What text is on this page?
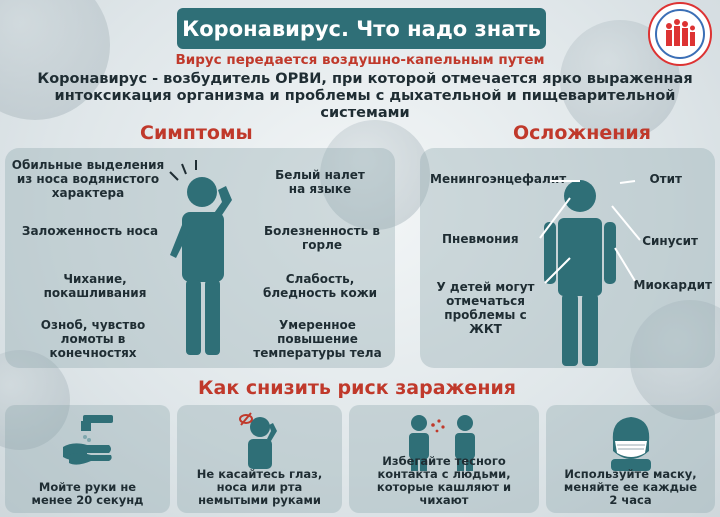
Коронавирус. Что надо знать
Вирус передается воздушно-капельным путем
Коронавирус - возбудитель ОРВИ, при которой отмечается ярко выраженная интоксикация организма и проблемы с дыхательной и пищеварительной системами
Симптомы
Обильные выделения из носа водянистого характера
Заложенность носа
Чихание, покашливания
Озноб, чувство ломоты в конечностях
Белый налет на языке
Болезненность в горле
Слабость, бледность кожи
Умеренное повышение температуры тела
Осложнения
Менингоэнцефалит
Пневмония
У детей могут отмечаться проблемы с ЖКТ
Отит
Синусит
Миокардит
Как снизить риск заражения
Мойте руки не менее 20 секунд
Не касайтесь глаз, носа или рта немытыми руками
Избегайте тесного контакта с людьми, которые кашляют и чихают
Используйте маску, меняйте ее каждые 2 часа
